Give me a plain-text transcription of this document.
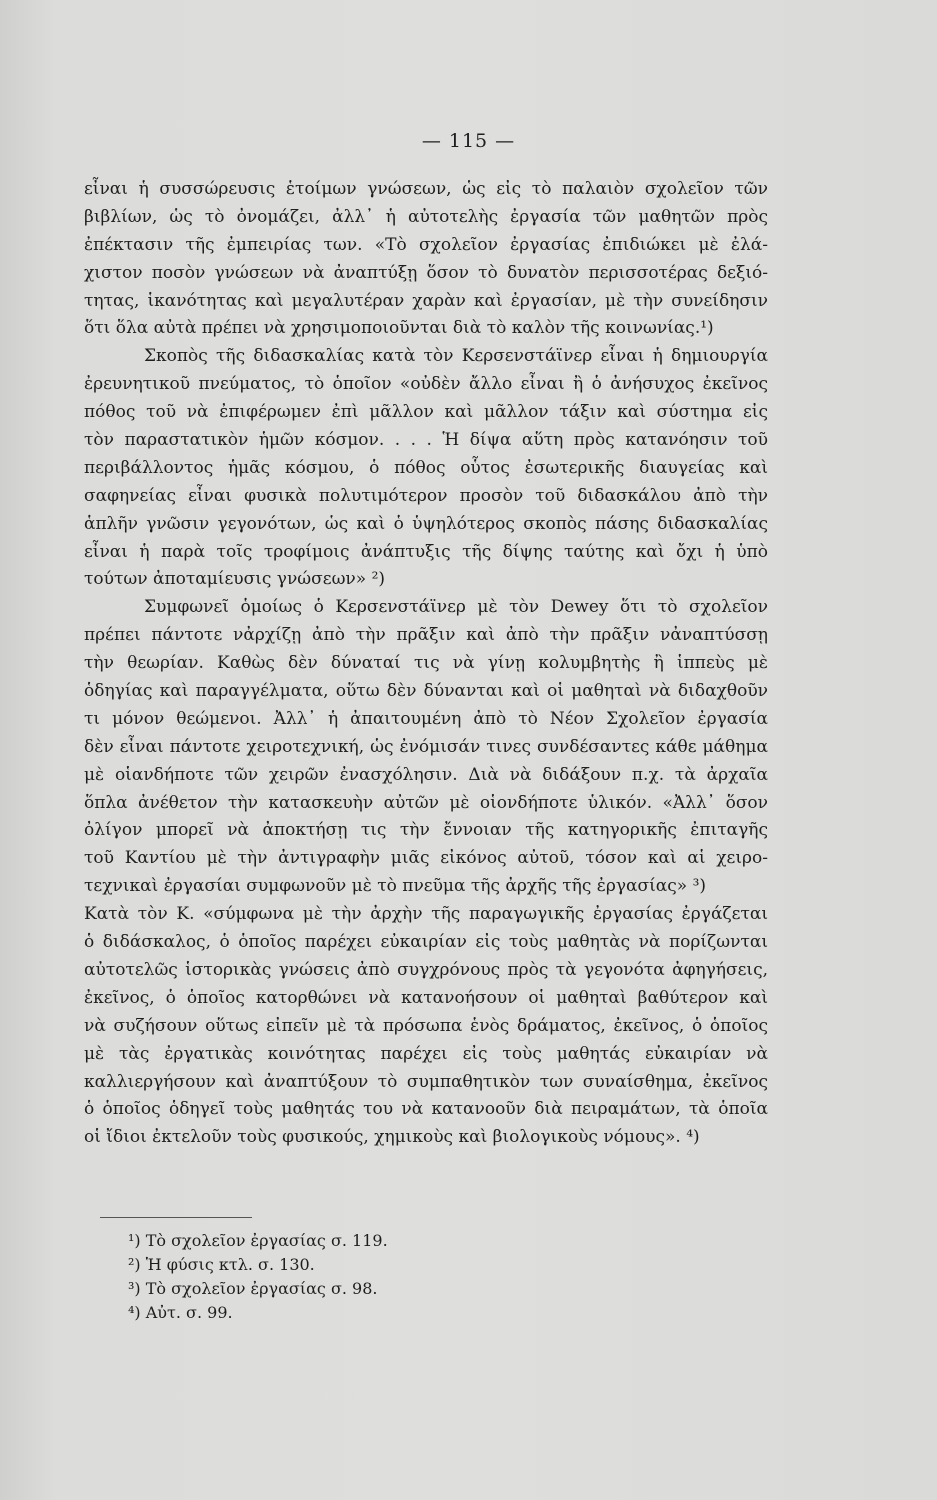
— 115 —
εἶναι ἡ συσσώρευσις ἑτοίμων γνώσεων, ὡς εἰς τὸ παλαιὸν σχολεῖον τῶν
βιβλίων, ὡς τὸ ὀνομάζει, ἀλλ᾽ ἡ αὐτοτελὴς ἐργασία τῶν μαθητῶν πρὸς
ἐπέκτασιν τῆς ἐμπειρίας των. «Τὸ σχολεῖον ἐργασίας ἐπιδιώκει μὲ ἐλά-
χιστον ποσὸν γνώσεων νὰ ἀναπτύξῃ ὅσον τὸ δυνατὸν περισσοτέρας δεξιό-
τητας, ἱκανότητας καὶ μεγαλυτέραν χαρὰν καὶ ἐργασίαν, μὲ τὴν συνείδησιν
ὅτι ὅλα αὐτὰ πρέπει νὰ χρησιμοποιοῦνται διὰ τὸ καλὸν τῆς κοινωνίας.¹)
Σκοπὸς τῆς διδασκαλίας κατὰ τὸν Κερσενστάϊνερ εἶναι ἡ δημιουργία
ἐρευνητικοῦ πνεύματος, τὸ ὁποῖον «οὐδὲν ἄλλο εἶναι ἢ ὁ ἀνήσυχος ἐκεῖνος
πόθος τοῦ νὰ ἐπιφέρωμεν ἐπὶ μᾶλλον καὶ μᾶλλον τάξιν καὶ σύστημα εἰς
τὸν παραστατικὸν ἡμῶν κόσμον. . . . Ἡ δίψα αὕτη πρὸς κατανόησιν τοῦ
περιβάλλοντος ἡμᾶς κόσμου, ὁ πόθος οὗτος ἐσωτερικῆς διαυγείας καὶ
σαφηνείας εἶναι φυσικὰ πολυτιμότερον προσὸν τοῦ διδασκάλου ἀπὸ τὴν
ἁπλῆν γνῶσιν γεγονότων, ὡς καὶ ὁ ὑψηλότερος σκοπὸς πάσης διδασκαλίας
εἶναι ἡ παρὰ τοῖς τροφίμοις ἀνάπτυξις τῆς δίψης ταύτης καὶ ὄχι ἡ ὑπὸ
τούτων ἀποταμίευσις γνώσεων» ²)
Συμφωνεῖ ὁμοίως ὁ Κερσενστάϊνερ μὲ τὸν Dewey ὅτι τὸ σχολεῖον
πρέπει πάντοτε νἀρχίζῃ ἀπὸ τὴν πρᾶξιν καὶ ἀπὸ τὴν πρᾶξιν νἀναπτύσσῃ
τὴν θεωρίαν. Καθὼς δὲν δύναταί τις νὰ γίνῃ κολυμβητὴς ἢ ἱππεὺς μὲ
ὁδηγίας καὶ παραγγέλματα, οὕτω δὲν δύνανται καὶ οἱ μαθηταὶ νὰ διδαχθοῦν
τι μόνον θεώμενοι. Ἀλλ᾽ ἡ ἀπαιτουμένη ἀπὸ τὸ Νέον Σχολεῖον ἐργασία
δὲν εἶναι πάντοτε χειροτεχνική, ὡς ἐνόμισάν τινες συνδέσαντες κάθε μάθημα
μὲ οἱανδήποτε τῶν χειρῶν ἐνασχόλησιν. Διὰ νὰ διδάξουν π.χ. τὰ ἀρχαῖα
ὅπλα ἀνέθετον τὴν κατασκευὴν αὐτῶν μὲ οἱονδήποτε ὑλικόν. «Ἀλλ᾽ ὅσον
ὀλίγον μπορεῖ νὰ ἀποκτήσῃ τις τὴν ἔννοιαν τῆς κατηγορικῆς ἐπιταγῆς
τοῦ Καντίου μὲ τὴν ἀντιγραφὴν μιᾶς εἰκόνος αὐτοῦ, τόσον καὶ αἱ χειρο-
τεχνικαὶ ἐργασίαι συμφωνοῦν μὲ τὸ πνεῦμα τῆς ἀρχῆς τῆς ἐργασίας» ³)
Κατὰ τὸν Κ. «σύμφωνα μὲ τὴν ἀρχὴν τῆς παραγωγικῆς ἐργασίας ἐργάζεται
ὁ διδάσκαλος, ὁ ὁποῖος παρέχει εὐκαιρίαν εἰς τοὺς μαθητὰς νὰ πορίζωνται
αὐτοτελῶς ἱστορικὰς γνώσεις ἀπὸ συγχρόνους πρὸς τὰ γεγονότα ἀφηγήσεις,
ἐκεῖνος, ὁ ὁποῖος κατορθώνει νὰ κατανοήσουν οἱ μαθηταὶ βαθύτερον καὶ
νὰ συζήσουν οὕτως εἰπεῖν μὲ τὰ πρόσωπα ἑνὸς δράματος, ἐκεῖνος, ὁ ὁποῖος
μὲ τὰς ἐργατικὰς κοινότητας παρέχει εἰς τοὺς μαθητάς εὐκαιρίαν νὰ
καλλιεργήσουν καὶ ἀναπτύξουν τὸ συμπαθητικὸν των συναίσθημα, ἐκεῖνος
ὁ ὁποῖος ὁδηγεῖ τοὺς μαθητάς του νὰ κατανοοῦν διὰ πειραμάτων, τὰ ὁποῖα
οἱ ἴδιοι ἐκτελοῦν τοὺς φυσικούς, χημικοὺς καὶ βιολογικοὺς νόμους». ⁴)
¹) Τὸ σχολεῖον ἐργασίας σ. 119.
²) Ἡ φύσις κτλ. σ. 130.
³) Τὸ σχολεῖον ἐργασίας σ. 98.
⁴) Αὐτ. σ. 99.
